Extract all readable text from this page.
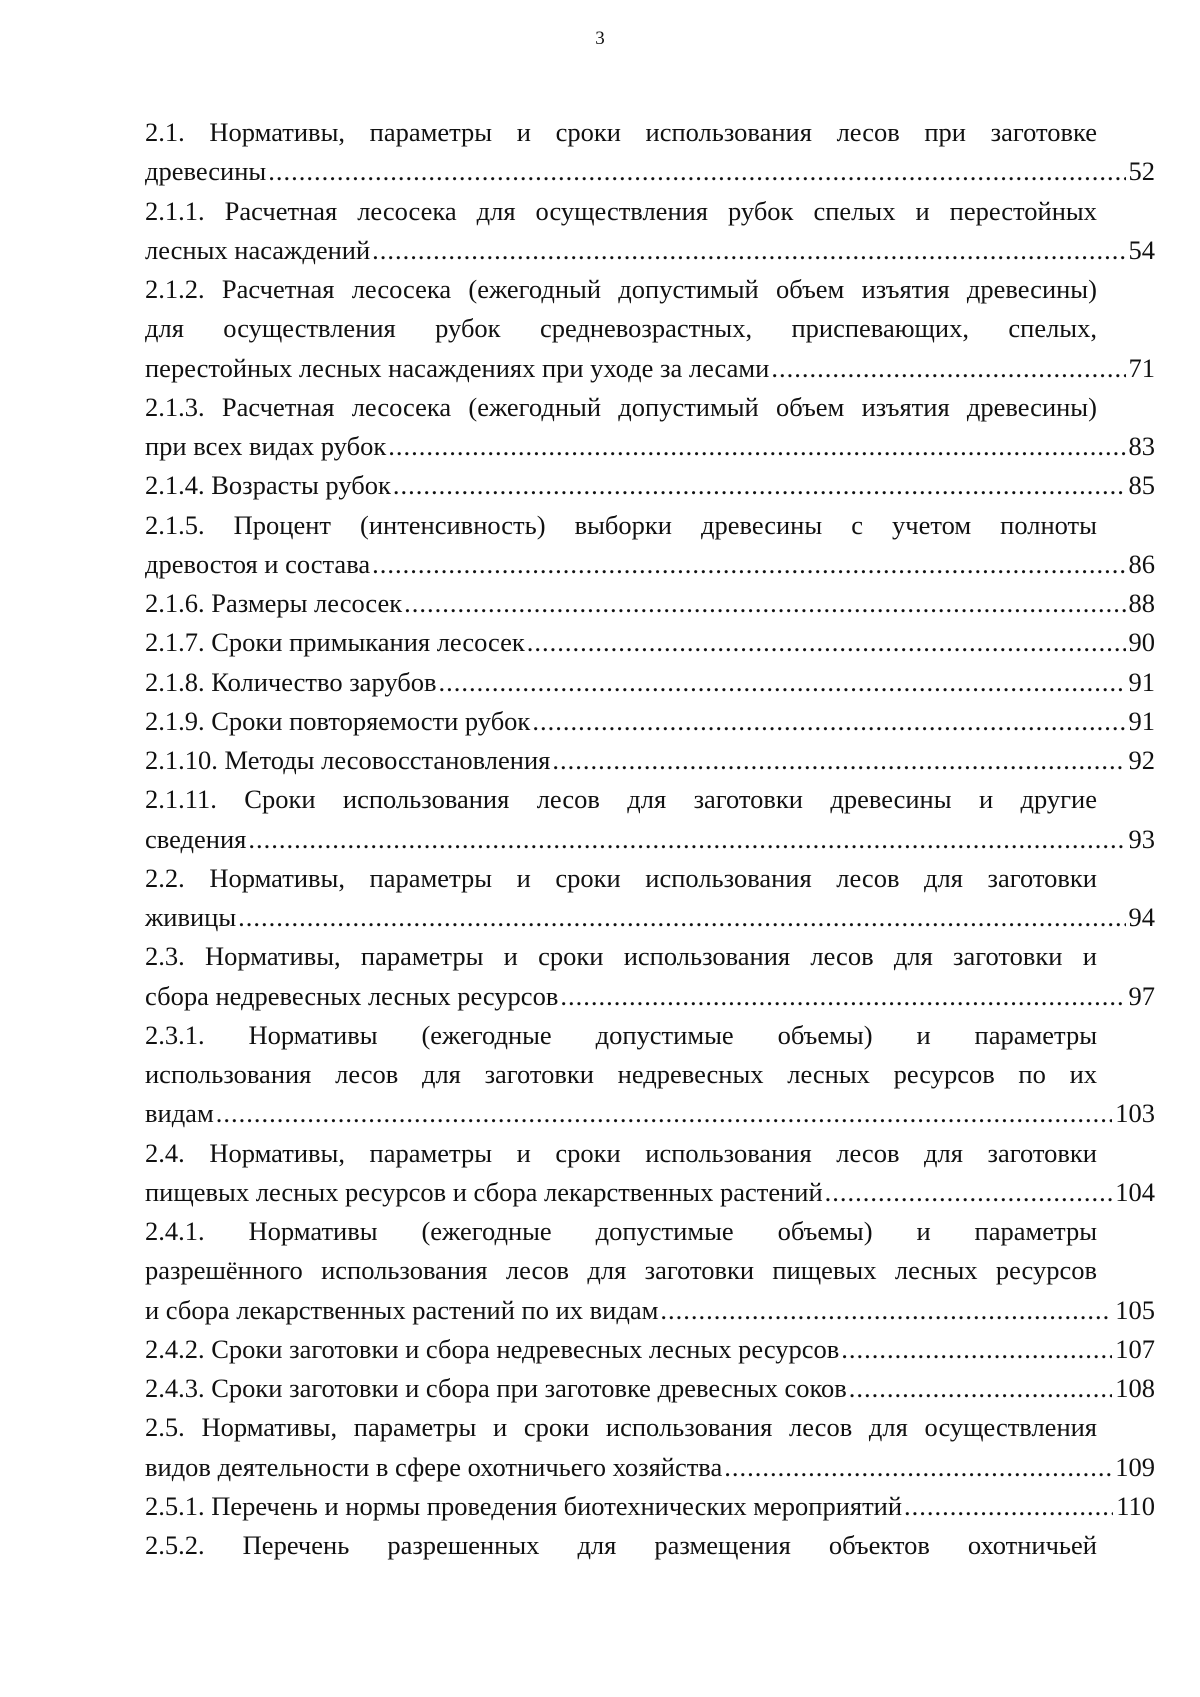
3
2.1. Нормативы, параметры и сроки использования лесов при заготовке
древесины .....	52
2.1.1. Расчетная лесосека для осуществления рубок спелых и перестойных
лесных насаждений .....	54
2.1.2. Расчетная лесосека (ежегодный допустимый объем изъятия древесины)
для осуществления рубок средневозрастных, приспевающих, спелых,
перестойных лесных насаждениях при уходе за лесами .....	71
2.1.3. Расчетная лесосека (ежегодный допустимый объем изъятия древесины)
при всех видах рубок .....	83
2.1.4. Возрасты рубок .....	85
2.1.5. Процент (интенсивность) выборки древесины с учетом полноты
древостоя и состава .....	86
2.1.6. Размеры лесосек .....	88
2.1.7. Сроки примыкания лесосек .....	90
2.1.8. Количество зарубов .....	91
2.1.9. Сроки повторяемости рубок .....	91
2.1.10. Методы лесовосстановления .....	92
2.1.11. Сроки использования лесов для заготовки древесины и другие
сведения .....	93
2.2. Нормативы, параметры и сроки использования лесов для заготовки
живицы .....	94
2.3. Нормативы, параметры и сроки использования лесов для заготовки и
сбора недревесных лесных ресурсов .....	97
2.3.1. Нормативы (ежегодные допустимые объемы) и параметры
использования лесов для заготовки недревесных лесных ресурсов по их
видам .....	103
2.4. Нормативы, параметры и сроки использования лесов для заготовки
пищевых лесных ресурсов и сбора лекарственных растений .....	104
2.4.1. Нормативы (ежегодные допустимые объемы) и параметры
разрешённого использования лесов для заготовки пищевых лесных ресурсов
и сбора лекарственных растений по их видам .....	105
2.4.2. Сроки заготовки и сбора недревесных лесных ресурсов .....	107
2.4.3. Сроки заготовки и сбора при заготовке древесных соков .....	108
2.5. Нормативы, параметры и сроки использования лесов для осуществления
видов деятельности в сфере охотничьего хозяйства .....	109
2.5.1. Перечень и нормы проведения биотехнических мероприятий .....	110
2.5.2. Перечень разрешенных для размещения объектов охотничьей
